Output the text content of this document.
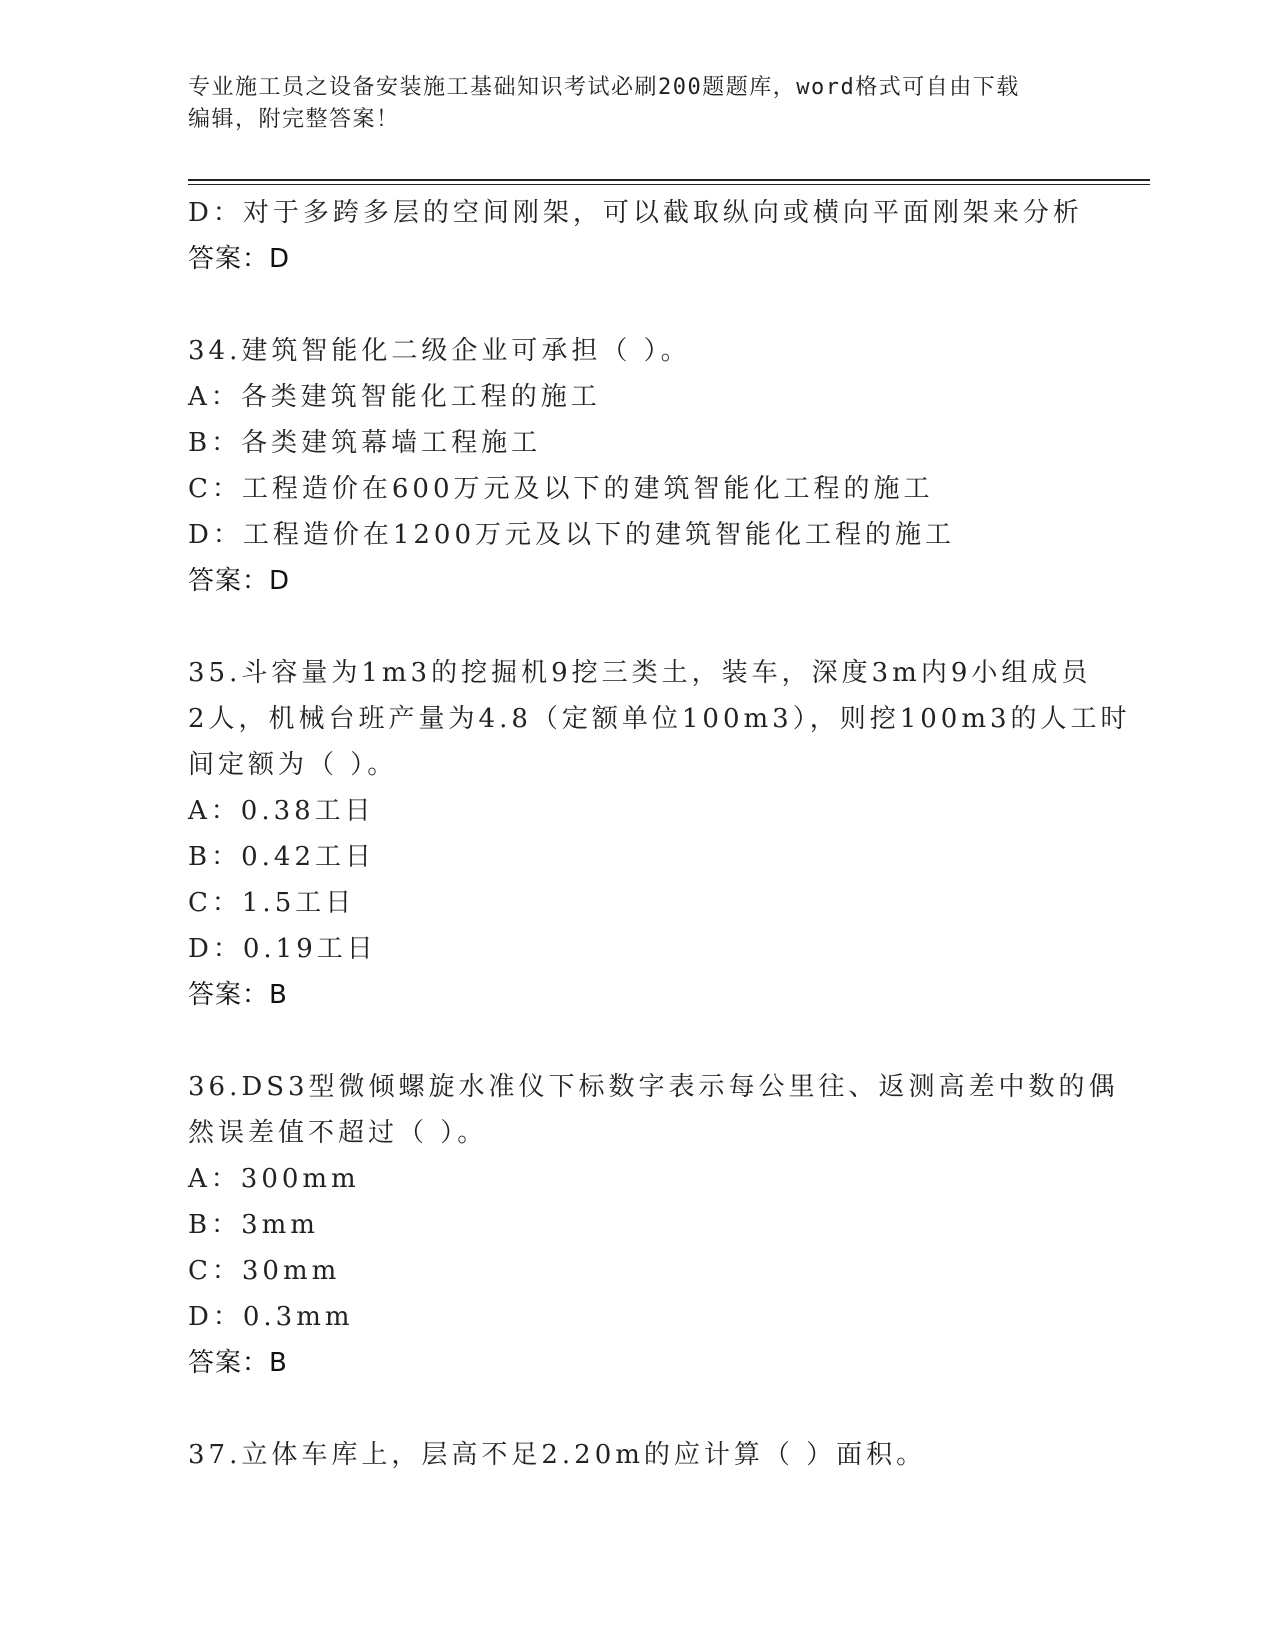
专业施工员之设备安装施工基础知识考试必刷200题题库，word格式可自由下载
编辑，附完整答案！
D：对于多跨多层的空间刚架，可以截取纵向或横向平面刚架来分析
答案：D
34.建筑智能化二级企业可承担（ ）。
A：各类建筑智能化工程的施工
B：各类建筑幕墙工程施工
C：工程造价在600万元及以下的建筑智能化工程的施工
D：工程造价在1200万元及以下的建筑智能化工程的施工
答案：D
35.斗容量为1m3的挖掘机9挖三类土，装车，深度3m内9小组成员
2人，机械台班产量为4.8（定额单位100m3），则挖100m3的人工时
间定额为（ ）。
A：0.38工日
B：0.42工日
C：1.5工日
D：0.19工日
答案：B
36.DS3型微倾螺旋水准仪下标数字表示每公里往、返测高差中数的偶
然误差值不超过（ ）。
A：300mm
B：3mm
C：30mm
D：0.3mm
答案：B
37.立体车库上，层高不足2.20m的应计算（ ）面积。
